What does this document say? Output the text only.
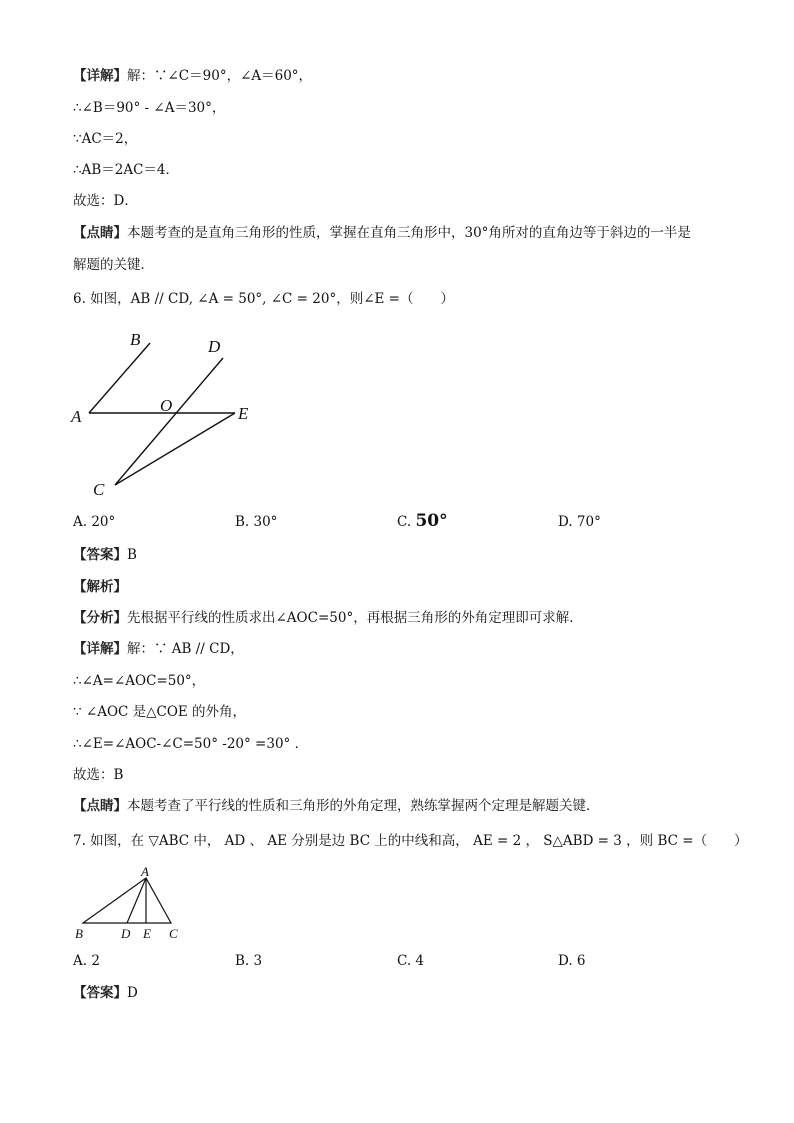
【详解】解：∵∠C＝90°，∠A＝60°，
∴∠B＝90° - ∠A＝30°，
∵AC＝2，
∴AB＝2AC＝4．
故选：D．
【点睛】本题考查的是直角三角形的性质，掌握在直角三角形中，30°角所对的直角边等于斜边的一半是
解题的关键．
6. 如图，AB // CD, ∠A = 50°, ∠C = 20°，则∠E =（　　）
B	D
O
A	E
C
A. 20°	B. 30°	C. 50°	D. 70°
【答案】B
【解析】
【分析】先根据平行线的性质求出∠AOC=50°，再根据三角形的外角定理即可求解．
【详解】解：∵ AB // CD，
∴∠A=∠AOC=50°，
∵ ∠AOC 是△COE 的外角，
∴∠E=∠AOC-∠C=50° -20° =30° ．
故选：B
【点睛】本题考查了平行线的性质和三角形的外角定理，熟练掌握两个定理是解题关键．
7. 如图，在 ▽ABC 中， AD 、 AE 分别是边 BC 上的中线和高， AE = 2 ， S△ABD = 3 ，则 BC =（　　）
A
B	D E C
A. 2	B. 3	C. 4	D. 6
【答案】D
